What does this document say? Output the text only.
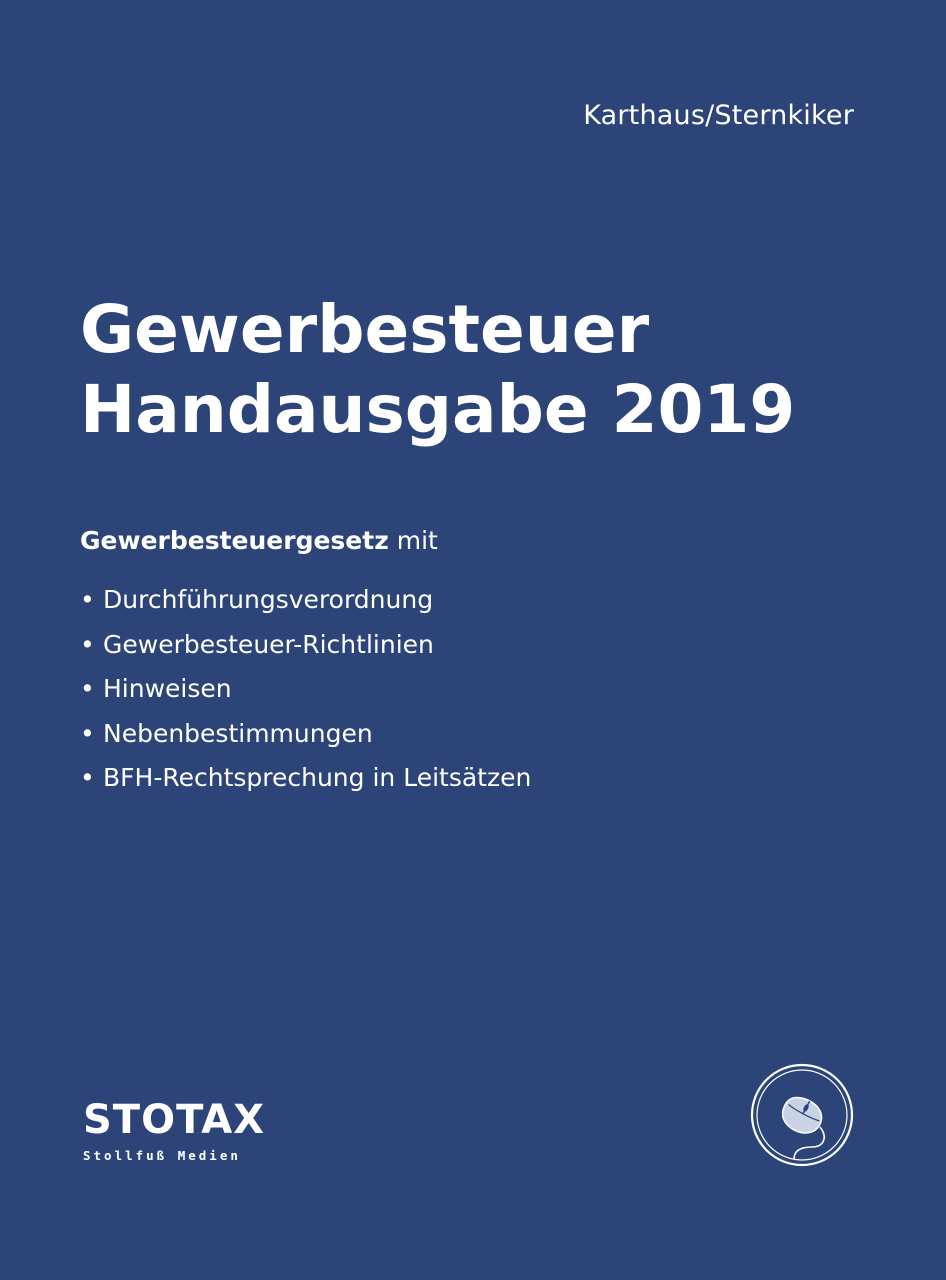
Karthaus/Sternkiker
Gewerbesteuer
Handausgabe 2019
Gewerbesteuergesetz mit
• Durchführungsverordnung
• Gewerbesteuer-Richtlinien
• Hinweisen
• Nebenbestimmungen
• BFH-Rechtsprechung in Leitsätzen
STOTAX
Stollfuß Medien
